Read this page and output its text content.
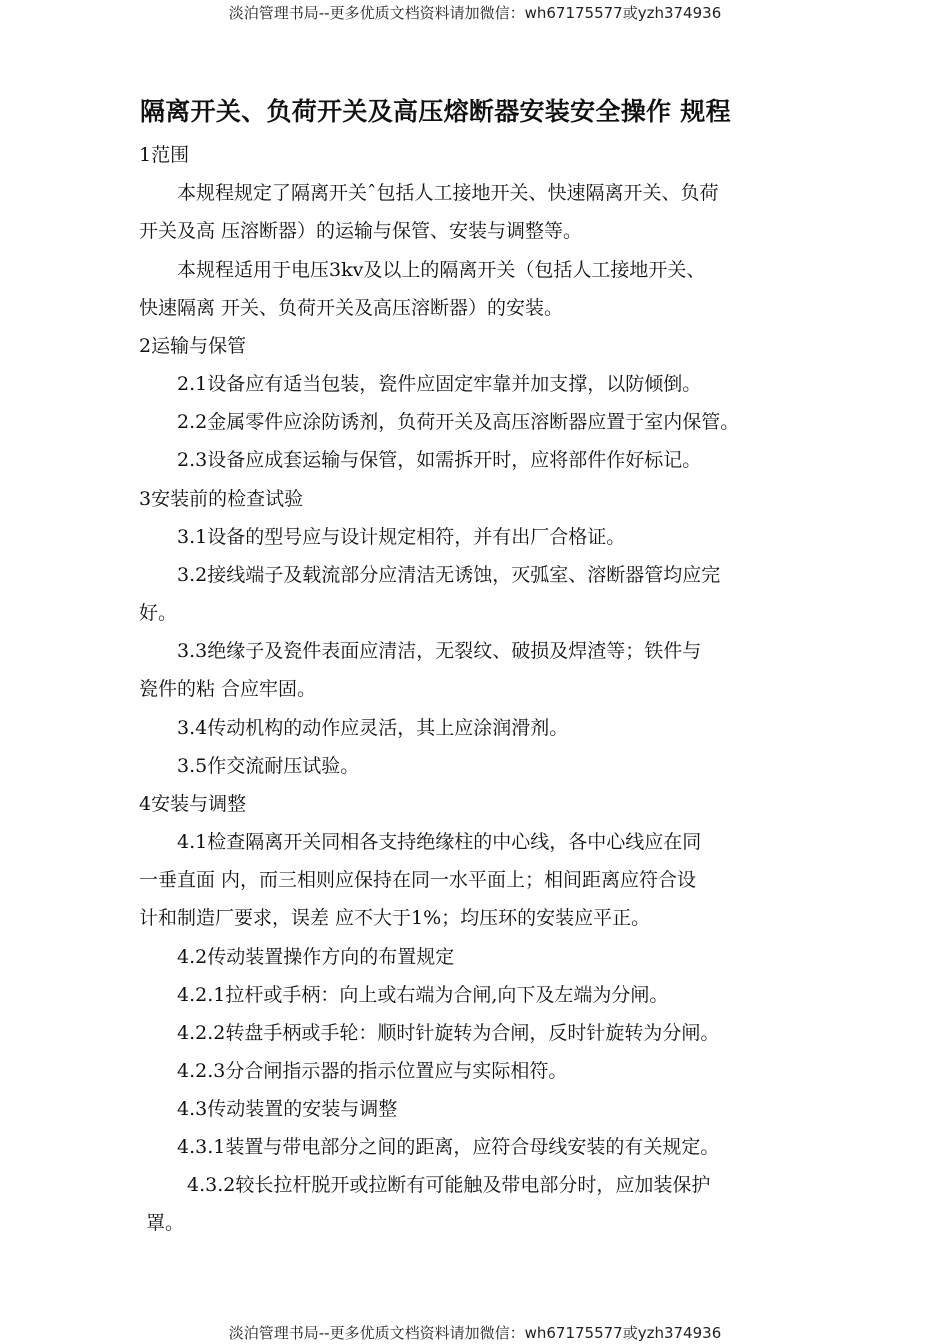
淡泊管理书局--更多优质文档资料请加微信：wh67175577或yzh374936
隔离开关、负荷开关及高压熔断器安装安全操作 规程
1范围
本规程规定了隔离开关ˆ包括人工接地开关、快速隔离开关、负荷
开关及高 压溶断器）的运输与保管、安装与调整等。
本规程适用于电压3kv及以上的隔离开关（包括人工接地开关、
快速隔离 开关、负荷开关及高压溶断器）的安装。
2运输与保管
2.1设备应有适当包装，瓷件应固定牢靠并加支撑，以防倾倒。
2.2金属零件应涂防诱剂，负荷开关及高压溶断器应置于室内保管。
2.3设备应成套运输与保管，如需拆开时，应将部件作好标记。
3安装前的检查试验
3.1设备的型号应与设计规定相符，并有出厂合格证。
3.2接线端子及载流部分应清洁无诱蚀，灭弧室、溶断器管均应完
好。
3.3绝缘子及瓷件表面应清洁，无裂纹、破损及焊渣等；铁件与
瓷件的粘 合应牢固。
3.4传动机构的动作应灵活，其上应涂润滑剂。
3.5作交流耐压试验。
4安装与调整
4.1检查隔离开关同相各支持绝缘柱的中心线，各中心线应在同
一垂直面 内，而三相则应保持在同一水平面上；相间距离应符合设
计和制造厂要求，误差 应不大于1%；均压环的安装应平正。
4.2传动装置操作方向的布置规定
4.2.1拉杆或手柄：向上或右端为合闸,向下及左端为分闸。
4.2.2转盘手柄或手轮：顺时针旋转为合闸，反时针旋转为分闸。
4.2.3分合闸指示器的指示位置应与实际相符。
4.3传动装置的安装与调整
4.3.1装置与带电部分之间的距离，应符合母线安装的有关规定。
4.3.2较长拉杆脱开或拉断有可能触及带电部分时，应加装保护
罩。
淡泊管理书局--更多优质文档资料请加微信：wh67175577或yzh374936
